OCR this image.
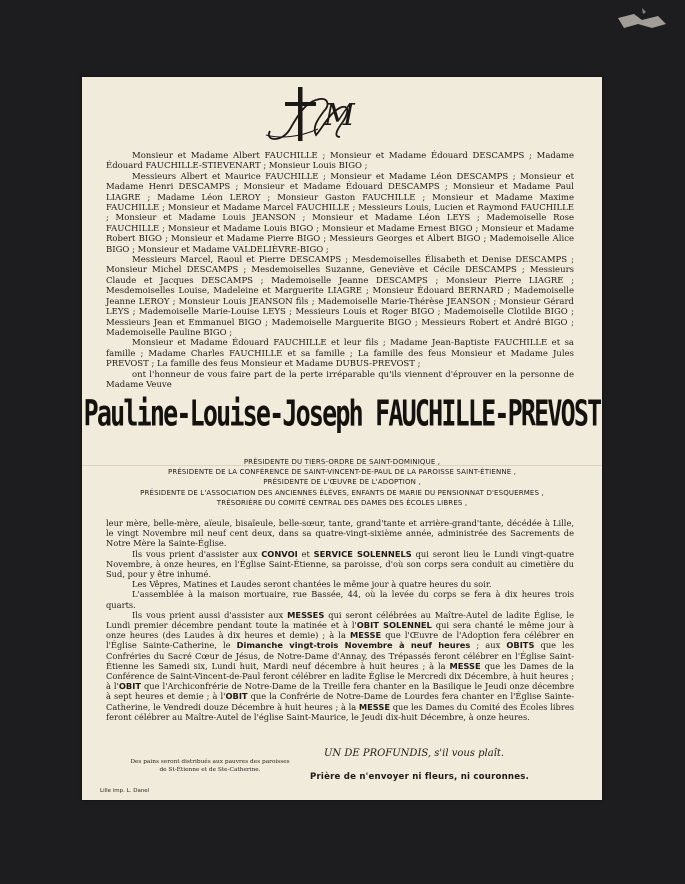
M

Monsieur et Madame Albert FAUCHILLE ; Monsieur et Madame Édouard DESCAMPS ; Madame Édouard FAUCHILLE-STIEVENART ; Monsieur Louis BIGO ;

Messieurs Albert et Maurice FAUCHILLE ; Monsieur et Madame Léon DESCAMPS ; Monsieur et Madame Henri DESCAMPS ; Monsieur et Madame Édouard DESCAMPS ; Monsieur et Madame Paul LIAGRE ; Madame Léon LEROY ; Monsieur Gaston FAUCHILLE ; Monsieur et Madame Maxime FAUCHILLE ; Monsieur et Madame Marcel FAUCHILLE ; Messieurs Louis, Lucien et Raymond FAUCHILLE ; Monsieur et Madame Louis JEANSON ; Monsieur et Madame Léon LEYS ; Mademoiselle Rose FAUCHILLE ; Monsieur et Madame Louis BIGO ; Monsieur et Madame Ernest BIGO ; Monsieur et Madame Robert BIGO ; Monsieur et Madame Pierre BIGO ; Messieurs Georges et Albert BIGO ; Mademoiselle Alice BIGO ; Monsieur et Madame VALDELIÈVRE-BIGO ;

Messieurs Marcel, Raoul et Pierre DESCAMPS ; Mesdemoiselles Élisabeth et Denise DESCAMPS ; Monsieur Michel DESCAMPS ; Mesdemoiselles Suzanne, Geneviève et Cécile DESCAMPS ; Messieurs Claude et Jacques DESCAMPS ; Mademoiselle Jeanne DESCAMPS ; Monsieur Pierre LIAGRE ; Mesdemoiselles Louise, Madeleine et Marguerite LIAGRE ; Monsieur Édouard BERNARD ; Mademoiselle Jeanne LEROY ; Monsieur Louis JEANSON fils ; Mademoiselle Marie-Thérèse JEANSON ; Monsieur Gérard LEYS ; Mademoiselle Marie-Louise LEYS ; Messieurs Louis et Roger BIGO ; Mademoiselle Clotilde BIGO ; Messieurs Jean et Emmanuel BIGO ; Mademoiselle Marguerite BIGO ; Messieurs Robert et André BIGO ; Mademoiselle Pauline BIGO ;

Monsieur et Madame Édouard FAUCHILLE et leur fils ; Madame Jean-Baptiste FAUCHILLE et sa famille ; Madame Charles FAUCHILLE et sa famille ; La famille des feus Monsieur et Madame Jules PREVOST ; La famille des feus Monsieur et Madame DUBUS-PREVOST ;

ont l'honneur de vous faire part de la perte irréparable qu'ils viennent d'éprouver en la personne de Madame Veuve

Pauline-Louise-Joseph FAUCHILLE-PREVOST
PRÉSIDENTE DU TIERS-ORDRE DE SAINT-DOMINIQUE ,
PRÉSIDENTE DE LA CONFÉRENCE DE SAINT-VINCENT-DE-PAUL DE LA PAROISSE SAINT-ÉTIENNE ,
PRÉSIDENTE DE L'ŒUVRE DE L'ADOPTION ,
PRÉSIDENTE DE L'ASSOCIATION DES ANCIENNES ÉLÈVES, ENFANTS DE MARIE DU PENSIONNAT D'ESQUERMES ,
TRÉSORIÈRE DU COMITÉ CENTRAL DES DAMES DES ÉCOLES LIBRES ,

leur mère, belle-mère, aïeule, bisaïeule, belle-sœur, tante, grand'tante et arrière-grand'tante, décédée à Lille, le vingt Novembre mil neuf cent deux, dans sa quatre-vingt-sixième année, administrée des Sacrements de Notre Mère la Sainte-Église.

Ils vous prient d'assister aux CONVOI et SERVICE SOLENNELS qui seront lieu le Lundi vingt-quatre Novembre, à onze heures, en l'Église Saint-Étienne, sa paroisse, d'où son corps sera conduit au cimetière du Sud, pour y être inhumé.

Les Vêpres, Matines et Laudes seront chantées le même jour à quatre heures du soir.

L'assemblée à la maison mortuaire, rue Bassée, 44, où la levée du corps se fera à dix heures trois quarts.

Ils vous prient aussi d'assister aux MESSES qui seront célébrées au Maître-Autel de ladite Église, le Lundi premier décembre pendant toute la matinée et à l'OBIT SOLENNEL qui sera chanté le même jour à onze heures (des Laudes à dix heures et demie) ; à la MESSE que l'Œuvre de l'Adoption fera célébrer en l'Église Sainte-Catherine, le Dimanche vingt-trois Novembre à neuf heures ; aux OBITS que les Confréries du Sacré Cœur de Jésus, de Notre-Dame d'Annay, des Trépassés feront célébrer en l'Église Saint-Étienne les Samedi six, Lundi huit, Mardi neuf décembre à huit heures ; à la MESSE que les Dames de la Conférence de Saint-Vincent-de-Paul feront célébrer en ladite Église le Mercredi dix Décembre, à huit heures ; à l'OBIT que l'Archiconfrérie de Notre-Dame de la Treille fera chanter en la Basilique le Jeudi onze décembre à sept heures et demie ; à l'OBIT que la Confrérie de Notre-Dame de Lourdes fera chanter en l'Église Sainte-Catherine, le Vendredi douze Décembre à huit heures ; à la MESSE que les Dames du Comité des Écoles libres feront célébrer au Maître-Autel de l'église Saint-Maurice, le Jeudi dix-huit Décembre, à onze heures.

UN DE PROFUNDIS, s'il vous plaît.
Des pains seront distribués aux pauvres des paroisses de St-Étienne et de Ste-Catherine.
Prière de n'envoyer ni fleurs, ni couronnes.
Lille imp. L. Danel
